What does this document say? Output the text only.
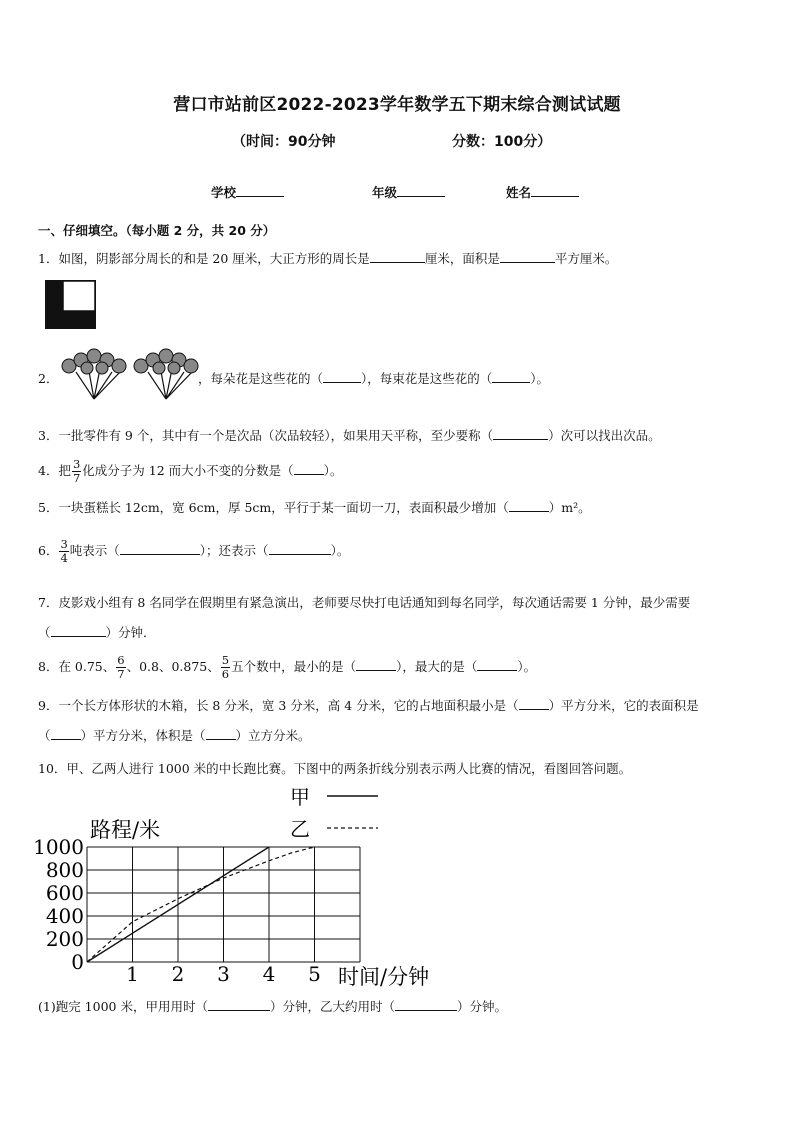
营口市站前区2022-2023学年数学五下期末综合测试试题
（时间：90分钟	分数：100分）
学校	年级	姓名
一、仔细填空。（每小题 2 分，共 20 分）
1．如图，阴影部分周长的和是 20 厘米，大正方形的周长是	厘米，面积是	平方厘米。
2．	，每朵花是这些花的（	），每束花是这些花的（	）。
3．一批零件有 9 个，其中有一个是次品（次品较轻），如果用天平称，至少要称（	）次可以找出次品。
4．把 $\frac{3}{7}$ 化成分子为 12 而大小不变的分数是（ ）。
5．一块蛋糕长 12cm，宽 6cm，厚 5cm，平行于某一面切一刀，表面积最少增加（	）m²。
6． $\frac{3}{4}$ 吨表示（	）；还表示（	）。
7．皮影戏小组有 8 名同学在假期里有紧急演出，老师要尽快打电话通知到每名同学，每次通话需要 1 分钟，最少需要
（	）分钟．
8．在 0.75、 $\frac{6}{7}$ 、0.8、0.875、 $\frac{5}{6}$ 五个数中，最小的是（	），最大的是（	）。
9．一个长方体形状的木箱，长 8 分米，宽 3 分米，高 4 分米，它的占地面积最小是（ ）平方分米，它的表面积是
（ ）平方分米，体积是（ ）立方分米。
10．甲、乙两人进行 1000 米的中长跑比赛。下图中的两条折线分别表示两人比赛的情况，看图回答问题。
0
200
400
600
800
1000
1 2 3 4 5
路程/米
时间/分钟
甲
乙
(1)跑完 1000 米，甲用用时（	）分钟，乙大约用时（	）分钟。
